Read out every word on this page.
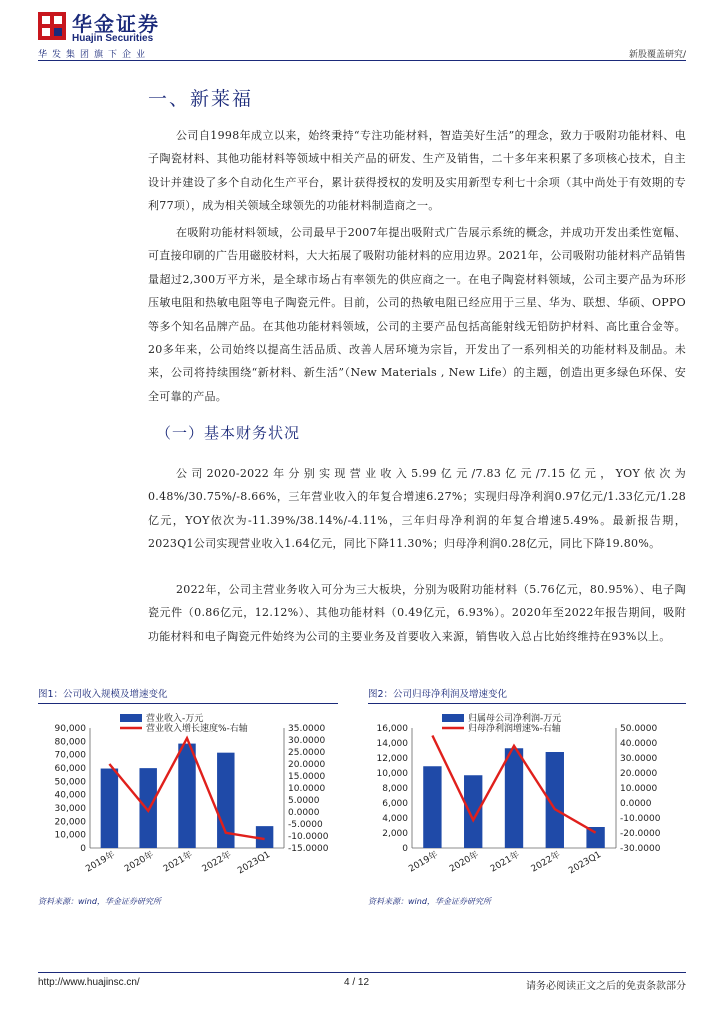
华金证券
Huajin Securities
华发集团旗下企业	新股覆盖研究/
一、新莱福

公司自1998年成立以来，始终秉持“专注功能材料，智造美好生活”的理念，致力于吸附功能材料、电子陶瓷材料、其他功能材料等领域中相关产品的研发、生产及销售，二十多年来积累了多项核心技术，自主设计并建设了多个自动化生产平台，累计获得授权的发明及实用新型专利七十余项（其中尚处于有效期的专利77项），成为相关领域全球领先的功能材料制造商之一。

在吸附功能材料领域，公司最早于2007年提出吸附式广告展示系统的概念，并成功开发出柔性宽幅、可直接印刷的广告用磁胶材料，大大拓展了吸附功能材料的应用边界。2021年，公司吸附功能材料产品销售量超过2,300万平方米，是全球市场占有率领先的供应商之一。在电子陶瓷材料领域，公司主要产品为环形压敏电阻和热敏电阻等电子陶瓷元件。目前，公司的热敏电阻已经应用于三星、华为、联想、华硕、OPPO等多个知名品牌产品。在其他功能材料领域，公司的主要产品包括高能射线无铅防护材料、高比重合金等。20多年来，公司始终以提高生活品质、改善人居环境为宗旨，开发出了一系列相关的功能材料及制品。未来，公司将持续围绕“新材料、新生活”（New Materials , New Life）的主题，创造出更多绿色环保、安全可靠的产品。

（一）基本财务状况

公司2020-2022年分别实现营业收入5.99亿元/7.83亿元/7.15亿元，YOY依次为0.48%/30.75%/-8.66%，三年营业收入的年复合增速6.27%；实现归母净利润0.97亿元/1.33亿元/1.28亿元，YOY依次为-11.39%/38.14%/-4.11%，三年归母净利润的年复合增速5.49%。最新报告期，2023Q1公司实现营业收入1.64亿元，同比下降11.30%；归母净利润0.28亿元，同比下降19.80%。

2022年，公司主营业务收入可分为三大板块，分别为吸附功能材料（5.76亿元，80.95%）、电子陶瓷元件（0.86亿元，12.12%）、其他功能材料（0.49亿元，6.93%）。2020年至2022年报告期间，吸附功能材料和电子陶瓷元件始终为公司的主要业务及首要收入来源，销售收入总占比始终维持在93%以上。

图1：公司收入规模及增速变化	图2：公司归母净利润及增速变化
90,000
80,000
70,000
60,000
50,000
40,000
30,000
20,000
10,000
0
35.0000
30.0000
25.0000
20.0000
15.0000
10.0000
5.0000
0.0000
-5.0000
-10.0000
-15.0000
2019年 2020年 2021年 2022年 2023Q1
营业收入-万元
营业收入增长速度%-右轴	16,000
14,000
12,000
10,000
8,000
6,000
4,000
2,000
0
50.0000
40.0000
30.0000
20.0000
10.0000
0.0000
-10.0000
-20.0000
-30.0000
2019年 2020年 2021年 2022年 2023Q1
归属母公司净利润-万元
归母净利润增速%-右轴
资料来源：wind，华金证券研究所	资料来源：wind，华金证券研究所
http://www.huajinsc.cn/	4 / 12	请务必阅读正文之后的免责条款部分
